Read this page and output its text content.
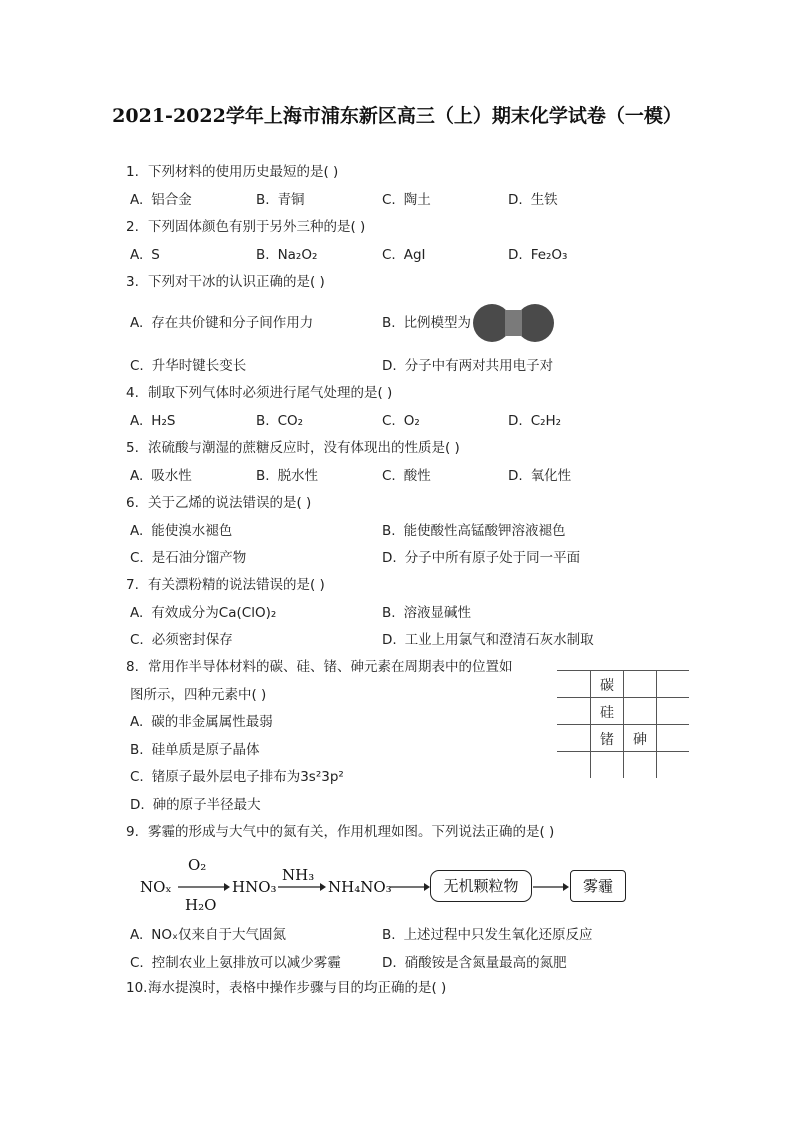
2021-2022学年上海市浦东新区高三（上）期末化学试卷（一模）
1. 下列材料的使用历史最短的是( )
A. 铝合金	B. 青铜	C. 陶土	D. 生铁
2. 下列固体颜色有别于另外三种的是( )
A. S	B. Na₂O₂	C. AgI	D. Fe₂O₃
3. 下列对干冰的认识正确的是( )
A. 存在共价键和分子间作用力	B. 比例模型为
C. 升华时键长变长	D. 分子中有两对共用电子对
4. 制取下列气体时必须进行尾气处理的是( )
A. H₂S	B. CO₂	C. O₂	D. C₂H₂
5. 浓硫酸与潮湿的蔗糖反应时，没有体现出的性质是( )
A. 吸水性	B. 脱水性	C. 酸性	D. 氧化性
6. 关于乙烯的说法错误的是( )
A. 能使溴水褪色	B. 能使酸性高锰酸钾溶液褪色
C. 是石油分馏产物	D. 分子中所有原子处于同一平面
7. 有关漂粉精的说法错误的是( )
A. 有效成分为Ca(ClO)₂	B. 溶液显碱性
C. 必须密封保存	D. 工业上用氯气和澄清石灰水制取
8. 常用作半导体材料的碳、硅、锗、砷元素在周期表中的位置如
图所示，四种元素中( )
A. 碳的非金属属性最弱
B. 硅单质是原子晶体
C. 锗原子最外层电子排布为3s²3p²
D. 砷的原子半径最大
碳
硅
锗	砷
9. 雾霾的形成与大气中的氮有关，作用机理如图。下列说法正确的是( )
NOₓ
O₂
H₂O
HNO₃
NH₃
NH₄NO₃	无机颗粒物	雾霾
A. NOₓ仅来自于大气固氮	B. 上述过程中只发生氧化还原反应
C. 控制农业上氨排放可以减少雾霾	D. 硝酸铵是含氮量最高的氮肥
10.海水提溴时，表格中操作步骤与目的均正确的是( )
